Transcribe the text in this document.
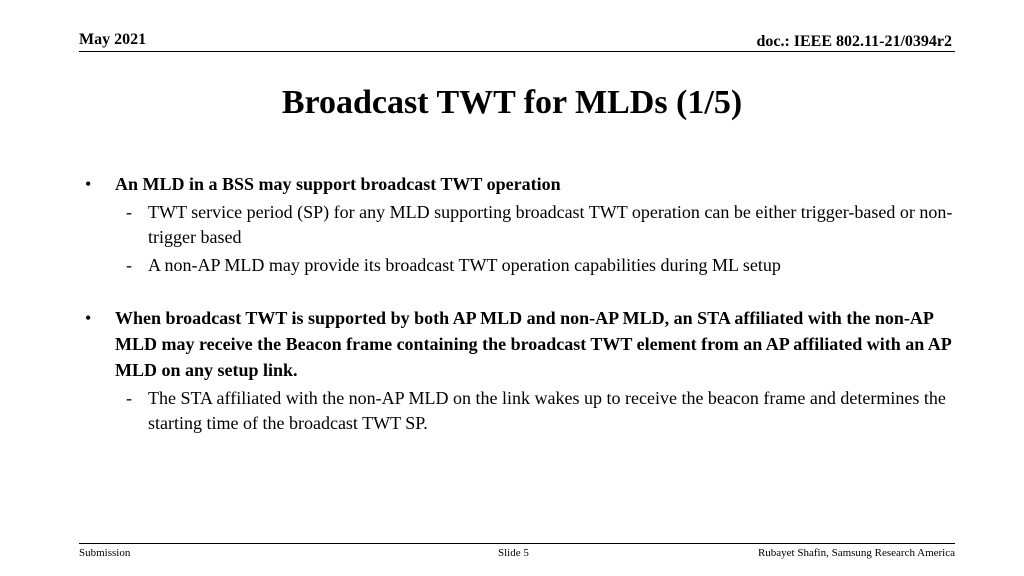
May 2021	doc.: IEEE 802.11-21/0394r2
Broadcast TWT for MLDs (1/5)
• An MLD in a BSS may support broadcast TWT operation
- TWT service period (SP) for any MLD supporting broadcast TWT operation can be either trigger-based or non-trigger based
- A non-AP MLD may provide its broadcast TWT operation capabilities during ML setup
• When broadcast TWT is supported by both AP MLD and non-AP MLD, an STA affiliated with the non-AP MLD may receive the Beacon frame containing the broadcast TWT element from an AP affiliated with an AP MLD on any setup link.
- The STA affiliated with the non-AP MLD on the link wakes up to receive the beacon frame and determines the starting time of the broadcast TWT SP.
Submission	Slide 5	Rubayet Shafin, Samsung Research America
